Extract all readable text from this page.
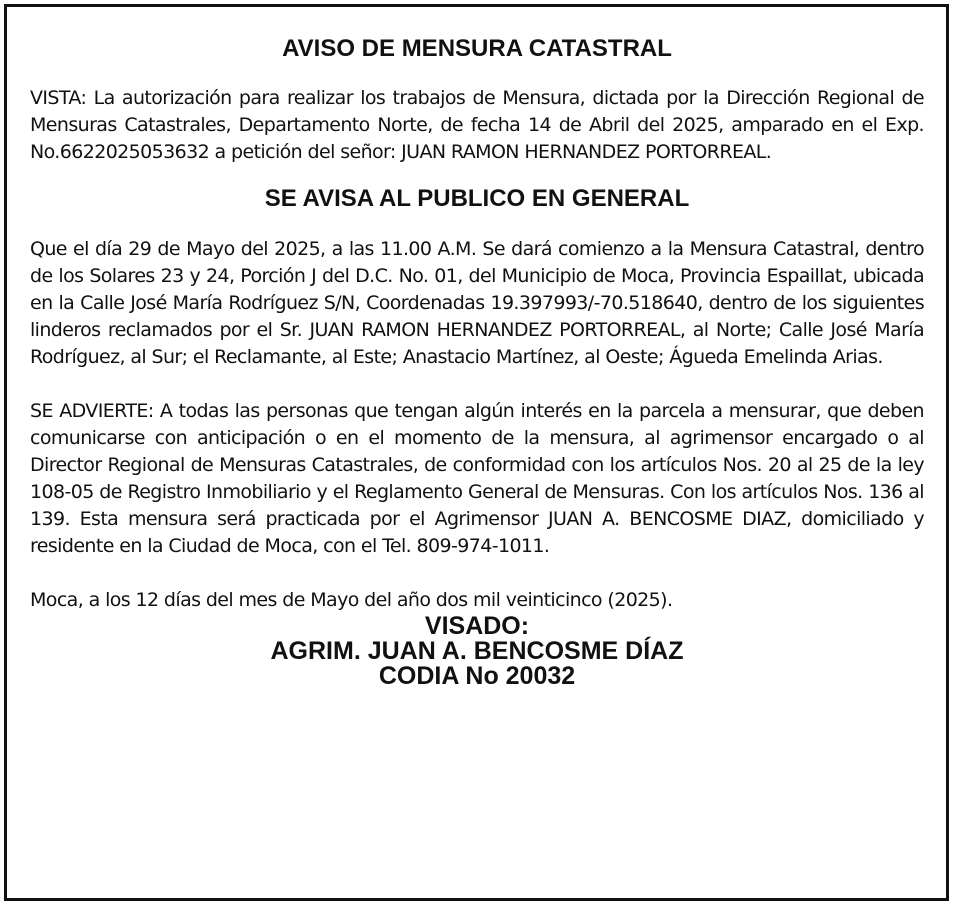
AVISO DE MENSURA CATASTRAL

VISTA: La autorización para realizar los trabajos de Mensura, dictada por la Dirección Regional de Mensuras Catastrales, Departamento Norte, de fecha 14 de Abril del 2025, amparado en el Exp. No.6622025053632 a petición del señor: JUAN RAMON HERNANDEZ PORTORREAL.

SE AVISA AL PUBLICO EN GENERAL

Que el día 29 de Mayo del 2025, a las 11.00 A.M. Se dará comienzo a la Mensura Catastral, dentro de los Solares 23 y 24, Porción J del D.C. No. 01, del Municipio de Moca, Provincia Espaillat, ubicada en la Calle José María Rodríguez S/N, Coordenadas 19.397993/-70.518640, dentro de los siguientes linderos reclamados por el Sr. JUAN RAMON HERNANDEZ PORTORREAL, al Norte; Calle José María Rodríguez, al Sur; el Reclamante, al Este; Anastacio Martínez, al Oeste; Águeda Emelinda Arias.

SE ADVIERTE: A todas las personas que tengan algún interés en la parcela a mensurar, que deben comunicarse con anticipación o en el momento de la mensura, al agrimensor encargado o al Director Regional de Mensuras Catastrales, de conformidad con los artículos Nos. 20 al 25 de la ley 108-05 de Registro Inmobiliario y el Reglamento General de Mensuras. Con los artículos Nos. 136 al 139. Esta mensura será practicada por el Agrimensor JUAN A. BENCOSME DIAZ, domiciliado y residente en la Ciudad de Moca, con el Tel. 809-974-1011.

Moca, a los 12 días del mes de Mayo del año dos mil veinticinco (2025).

VISADO:

AGRIM. JUAN A. BENCOSME DÍAZ

CODIA No 20032
